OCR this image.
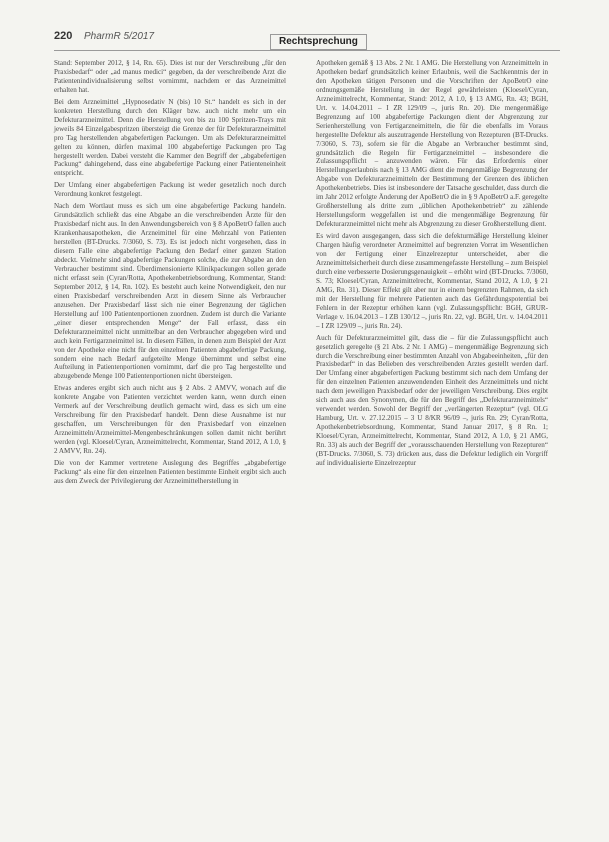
220 PharmR 5/2017	Rechtsprechung

Stand: September 2012, § 14, Rn. 65). Dies ist nur der Verschreibung „für den Praxisbedarf“ oder „ad manus medici“ gegeben, da der verschreibende Arzt die Patientenindividualisierung selbst vornimmt, nachdem er das Arzneimittel erhalten hat.

Bei dem Arzneimittel „Hypnosedativ N (bis) 10 St.“ handelt es sich in der konkreten Herstellung durch den Kläger bzw. auch nicht mehr um ein Defekturarzneimittel. Denn die Herstellung von bis zu 100 Spritzen-Trays mit jeweils 84 Einzelgabespritzen übersteigt die Grenze der für Defekturarzneimittel pro Tag herstellenden abgabefertigen Packungen. Um als Defekturarzneimittel gelten zu können, dürfen maximal 100 abgabefertige Packungen pro Tag hergestellt werden. Dabei versteht die Kammer den Begriff der „abgabefertigen Packung“ dahingehend, dass eine abgabefertige Packung einer Patienteneinheit entspricht.

Der Umfang einer abgabefertigen Packung ist weder gesetzlich noch durch Verordnung konkret festgelegt.

Nach dem Wortlaut muss es sich um eine abgabefertige Packung handeln. Grundsätzlich schließt das eine Abgabe an die verschreibenden Ärzte für den Praxisbedarf nicht aus. In den Anwendungsbereich von § 8 ApoBetrO fallen auch Krankenhausapotheken, die Arzneimittel für eine Mehrzahl von Patienten herstellen (BT-Drucks. 7/3060, S. 73). Es ist jedoch nicht vorgesehen, dass in diesem Falle eine abgabefertige Packung den Bedarf einer ganzen Station abdeckt. Vielmehr sind abgabefertige Packungen solche, die zur Abgabe an den Verbraucher bestimmt sind. Überdimensionierte Klinikpackungen sollen gerade nicht erfasst sein (Cyran/Rotta, Apothekenbetriebsordnung, Kommentar, Stand: September 2012, § 14, Rn. 102). Es besteht auch keine Notwendigkeit, den nur einen Praxisbedarf verschreibenden Arzt in diesem Sinne als Verbraucher anzusehen. Der Praxisbedarf lässt sich nie einer Begrenzung der täglichen Herstellung auf 100 Patientenportionen zuordnen. Zudem ist durch die Variante „einer dieser entsprechenden Menge“ der Fall erfasst, dass ein Defekturarzneimittel nicht unmittelbar an den Verbraucher abgegeben wird und auch kein Fertigarzneimittel ist. In diesem Fällen, in denen zum Beispiel der Arzt von der Apotheke eine nicht für den einzelnen Patienten abgabefertige Packung, sondern eine nach Bedarf aufgeteilte Menge übernimmt und selbst eine Aufteilung in Patientenportionen vornimmt, darf die pro Tag hergestellte und abzugebende Menge 100 Patientenportionen nicht übersteigen.

Etwas anderes ergibt sich auch nicht aus § 2 Abs. 2 AMVV, wonach auf die konkrete Angabe von Patienten verzichtet werden kann, wenn durch einen Vermerk auf der Verschreibung deutlich gemacht wird, dass es sich um eine Verschreibung für den Praxisbedarf handelt. Denn diese Ausnahme ist nur geschaffen, um Verschreibungen für den Praxisbedarf von einzelnen Arzneimitteln/Arzneimittel-Mengenbeschränkungen sollen damit nicht berührt werden (vgl. Kloesel/Cyran, Arzneimittelrecht, Kommentar, Stand 2012, A 1.0, § 2 AMVV, Rn. 24).

Die von der Kammer vertretene Auslegung des Begriffes „abgabefertige Packung“ als eine für den einzelnen Patienten bestimmte Einheit ergibt sich auch aus dem Zweck der Privilegierung der Arzneimittelherstellung in

Apotheken gemäß § 13 Abs. 2 Nr. 1 AMG. Die Herstellung von Arzneimitteln in Apotheken bedarf grundsätzlich keiner Erlaubnis, weil die Sachkenntnis der in den Apotheken tätigen Personen und die Vorschriften der ApoBetrO eine ordnungsgemäße Herstellung in der Regel gewährleisten (Kloesel/Cyran, Arzneimittelrecht, Kommentar, Stand: 2012, A 1.0, § 13 AMG, Rn. 43; BGH, Urt. v. 14.04.2011 – I ZR 129/09 –, juris Rn. 20). Die mengenmäßige Begrenzung auf 100 abgabefertige Packungen dient der Abgrenzung zur Serienherstellung von Fertigarzneimitteln, die für die ebenfalls im Voraus hergestellte Defektur als auszutragende Herstellung von Rezepturen (BT-Drucks. 7/3060, S. 73), sofern sie für die Abgabe an Verbraucher bestimmt sind, grundsätzlich die Regeln für Fertigarzneimittel – insbesondere die Zulassungspflicht – anzuwenden wären. Für das Erfordernis einer Herstellungserlaubnis nach § 13 AMG dient die mengenmäßige Begrenzung der Abgabe von Defekturarzneimitteln der Bestimmung der Grenzen des üblichen Apothekenbetriebs. Dies ist insbesondere der Tatsache geschuldet, dass durch die im Jahr 2012 erfolgte Änderung der ApoBetrO die in § 9 ApoBetrO a.F. geregelte Großherstellung als dritte zum „üblichen Apothekenbetrieb“ zu zählende Herstellungsform weggefallen ist und die mengenmäßige Begrenzung für Defekturarzneimittel nicht mehr als Abgrenzung zu dieser Großherstellung dient.

Es wird davon ausgegangen, dass sich die defekturmäßige Herstellung kleiner Chargen häufig verordneter Arzneimittel auf begrenzten Vorrat im Wesentlichen von der Fertigung einer Einzelrezeptur unterscheidet, aber die Arzneimittelsicherheit durch diese zusammengefasste Herstellung – zum Beispiel durch eine verbesserte Dosierungsgenauigkeit – erhöht wird (BT-Drucks. 7/3060, S. 73; Kloesel/Cyran, Arzneimittelrecht, Kommentar, Stand 2012, A 1.0, § 21 AMG, Rn. 31). Dieser Effekt gilt aber nur in einem begrenzten Rahmen, da sich mit der Herstellung für mehrere Patienten auch das Gefährdungspotential bei Fehlern in der Rezeptur erhöhen kann (vgl. Zulassungspflicht: BGH, GRUR-Verlage v. 16.04.2013 – I ZB 130/12 –, juris Rn. 22, vgl. BGH, Urt. v. 14.04.2011 – I ZR 129/09 –, juris Rn. 24).

Auch für Defekturarzneimittel gilt, dass die – für die Zulassungspflicht auch gesetzlich geregelte (§ 21 Abs. 2 Nr. 1 AMG) – mengenmäßige Begrenzung sich durch die Verschreibung einer bestimmten Anzahl von Abgabeeinheiten, „für den Praxisbedarf“ in das Belieben des verschreibenden Arztes gestellt werden darf. Der Umfang einer abgabefertigen Packung bestimmt sich nach dem Umfang der für den einzelnen Patienten anzuwendenden Einheit des Arzneimittels und nicht nach dem jeweiligen Praxisbedarf oder der jeweiligen Verschreibung. Dies ergibt sich auch aus den Synonymen, die für den Begriff des „Defekturarzneimittels“ verwendet werden. Sowohl der Begriff der „verlängerten Rezeptur“ (vgl. OLG Hamburg, Urt. v. 27.12.2015 – 3 U 8/KR 96/09 –, juris Rn. 29; Cyran/Rotta, Apothekenbetriebsordnung, Kommentar, Stand Januar 2017, § 8 Rn. 1; Kloesel/Cyran, Arzneimittelrecht, Kommentar, Stand 2012, A 1.0, § 21 AMG, Rn. 33) als auch der Begriff der „vorausschauenden Herstellung von Rezepturen“ (BT-Drucks. 7/3060, S. 73) drücken aus, dass die Defektur lediglich ein Vorgriff auf individualisierte Einzelrezeptur
